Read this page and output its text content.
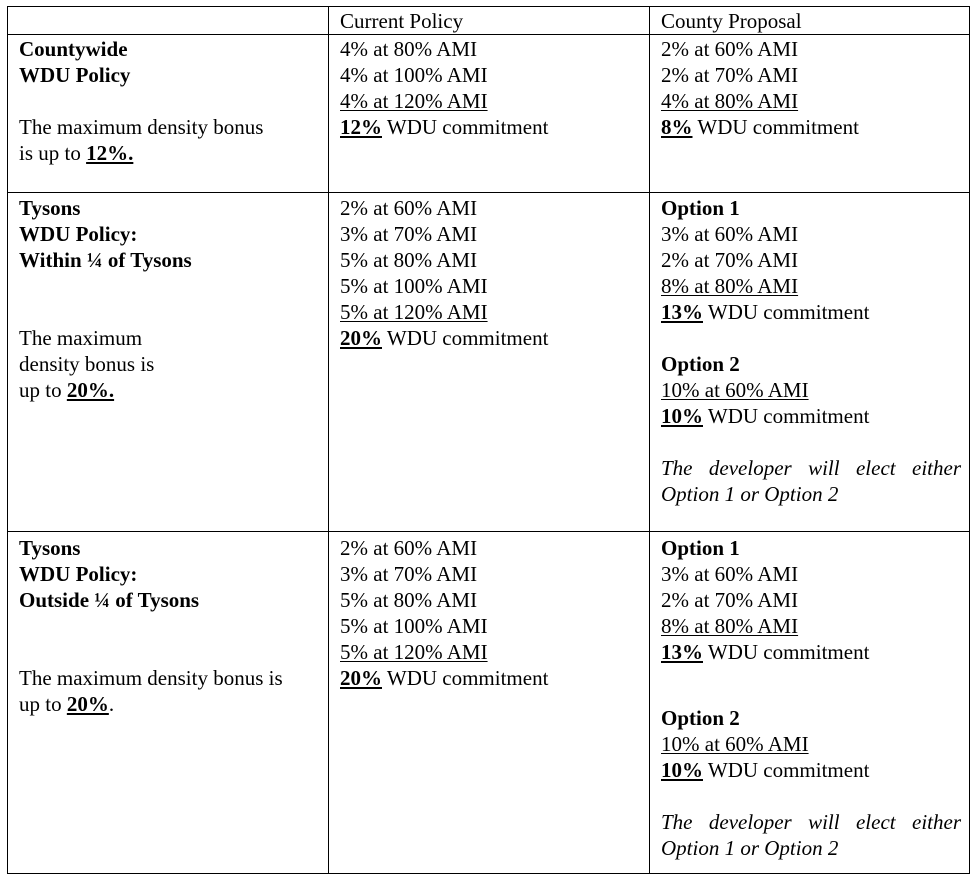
Current Policy	County Proposal
Countywide
WDU Policy
The maximum density bonus
is up to 12%.
4% at 80% AMI
4% at 100% AMI
4% at 120% AMI
12% WDU commitment
2% at 60% AMI
2% at 70% AMI
4% at 80% AMI
8% WDU commitment
Tysons
WDU Policy:
Within ¼ of Tysons
The maximum
density bonus is
up to 20%.
2% at 60% AMI
3% at 70% AMI
5% at 80% AMI
5% at 100% AMI
5% at 120% AMI
20% WDU commitment
Option 1
3% at 60% AMI
2% at 70% AMI
8% at 80% AMI
13% WDU commitment
Option 2
10% at 60% AMI
10% WDU commitment
The developer will elect either
Option 1 or Option 2
Tysons
WDU Policy:
Outside ¼ of Tysons
The maximum density bonus is
up to 20%.
2% at 60% AMI
3% at 70% AMI
5% at 80% AMI
5% at 100% AMI
5% at 120% AMI
20% WDU commitment
Option 1
3% at 60% AMI
2% at 70% AMI
8% at 80% AMI
13% WDU commitment
Option 2
10% at 60% AMI
10% WDU commitment
The developer will elect either
Option 1 or Option 2
